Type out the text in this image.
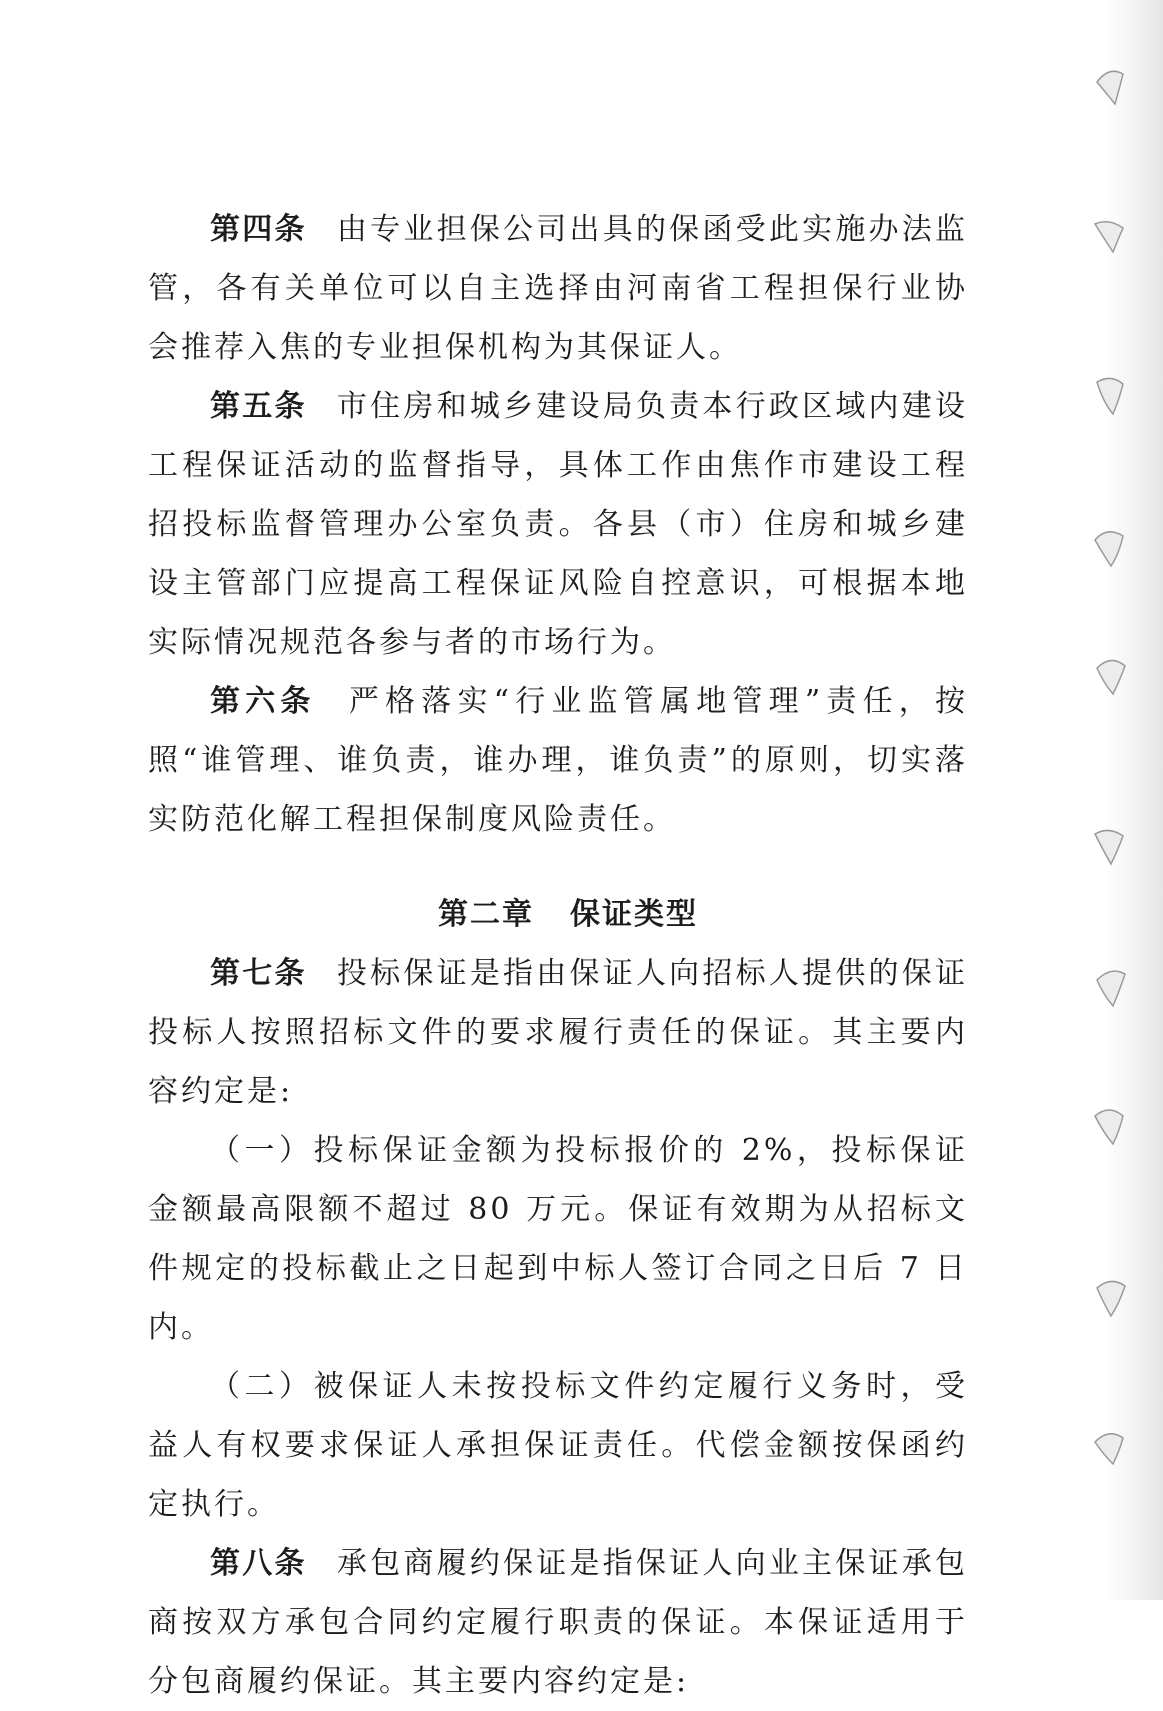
第四条 由专业担保公司出具的保函受此实施办法监管，各有关单位可以自主选择由河南省工程担保行业协会推荐入焦的专业担保机构为其保证人。

第五条 市住房和城乡建设局负责本行政区域内建设工程保证活动的监督指导，具体工作由焦作市建设工程招投标监督管理办公室负责。各县（市）住房和城乡建设主管部门应提高工程保证风险自控意识，可根据本地实际情况规范各参与者的市场行为。

第六条 严格落实“行业监管属地管理”责任，按照“谁管理、谁负责，谁办理，谁负责”的原则，切实落实防范化解工程担保制度风险责任。

第二章 保证类型

第七条 投标保证是指由保证人向招标人提供的保证投标人按照招标文件的要求履行责任的保证。其主要内容约定是:

（一）投标保证金额为投标报价的 2%，投标保证金额最高限额不超过 80 万元。保证有效期为从招标文件规定的投标截止之日起到中标人签订合同之日后 7 日内。

（二）被保证人未按投标文件约定履行义务时，受益人有权要求保证人承担保证责任。代偿金额按保函约定执行。

第八条 承包商履约保证是指保证人向业主保证承包商按双方承包合同约定履行职责的保证。本保证适用于分包商履约保证。其主要内容约定是:
